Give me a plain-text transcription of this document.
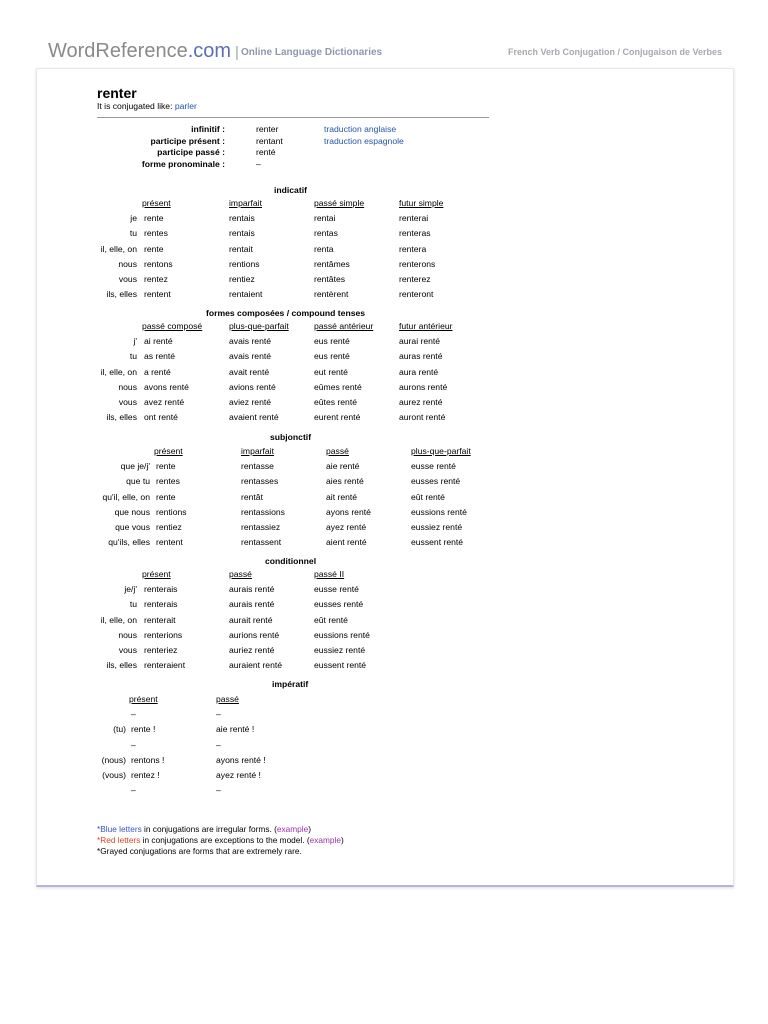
WordReference.com | $^{Online Language Dictionaries}$	French Verb Conjugation / Conjugaison de Verbes
renter
It is conjugated like: parler
infinitif :	renter	traduction anglaise
participe présent :	rentant	traduction espagnole
participe passé :	renté
forme pronominale :	–
indicatif
présent	imparfait	passé simple	futur simple
je rente	rentais	rentai	renterai
tu rentes	rentais	rentas	renteras
il, elle, on rente	rentait	renta	rentera
nous rentons	rentions	rentâmes	renterons
vous rentez	rentiez	rentâtes	renterez
ils, elles rentent	rentaient	rentèrent	renteront
formes composées / compound tenses
passé composé	plus-que-parfait	passé antérieur	futur antérieur
j' ai renté	avais renté	eus renté	aurai renté
tu as renté	avais renté	eus renté	auras renté
il, elle, on a renté	avait renté	eut renté	aura renté
nous avons renté	avions renté	eûmes renté	aurons renté
vous avez renté	aviez renté	eûtes renté	aurez renté
ils, elles ont renté	avaient renté	eurent renté	auront renté
subjonctif
présent	imparfait	passé	plus-que-parfait
que je/j' rente	rentasse	aie renté	eusse renté
que tu rentes	rentasses	aies renté	eusses renté
qu'il, elle, on rente	rentât	ait renté	eût renté
que nous rentions	rentassions	ayons renté	eussions renté
que vous rentiez	rentassiez	ayez renté	eussiez renté
qu'ils, elles rentent	rentassent	aient renté	eussent renté
conditionnel
présent	passé	passé II
je/j' renterais	aurais renté	eusse renté
tu renterais	aurais renté	eusses renté
il, elle, on renterait	aurait renté	eût renté
nous renterions	aurions renté	eussions renté
vous renteriez	auriez renté	eussiez renté
ils, elles renteraient	auraient renté	eussent renté
impératif
présent	passé
–	–
(tu) rente !	aie renté !
–	–
(nous) rentons !	ayons renté !
(vous) rentez !	ayez renté !
–	–
*Blue letters in conjugations are irregular forms. (example)
*Red letters in conjugations are exceptions to the model. (example)
*Grayed conjugations are forms that are extremely rare.
